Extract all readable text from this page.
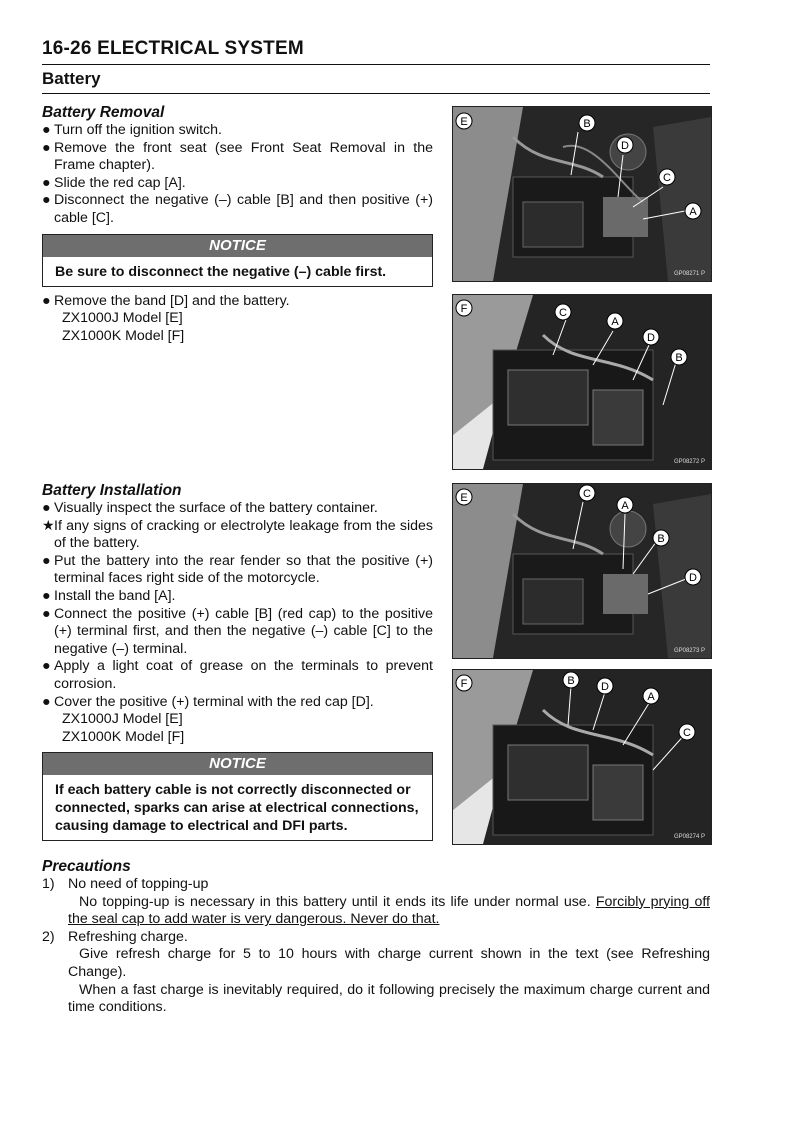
16-26 ELECTRICAL SYSTEM
Battery
Battery Removal
● Turn off the ignition switch.
● Remove the front seat (see Front Seat Removal in the Frame chapter).
● Slide the red cap [A].
● Disconnect the negative (–) cable [B] and then positive (+) cable [C].
NOTICE
Be sure to disconnect the negative (–) cable first.
● Remove the band [D] and the battery.
ZX1000J Model [E]
ZX1000K Model [F]
Battery Installation
● Visually inspect the surface of the battery container.
★ If any signs of cracking or electrolyte leakage from the sides of the battery.
● Put the battery into the rear fender so that the positive (+) terminal faces right side of the motorcycle.
● Install the band [A].
● Connect the positive (+) cable [B] (red cap) to the positive (+) terminal first, and then the negative (–) cable [C] to the negative (–) terminal.
● Apply a light coat of grease on the terminals to prevent corrosion.
● Cover the positive (+) terminal with the red cap [D].
ZX1000J Model [E]
ZX1000K Model [F]
NOTICE
If each battery cable is not correctly disconnected or connected, sparks can arise at electrical connections, causing damage to electrical and DFI parts.
E	B
D
C
A
GP08271 P
F	C
A
D
B
GP08272 P
E	C
A
B
D
GP08273 P
F	B D
A
C
GP08274 P
Precautions
1) No need of topping-up
No topping-up is necessary in this battery until it ends its life under normal use. Forcibly prying off the seal cap to add water is very dangerous. Never do that.
2) Refreshing charge.
Give refresh charge for 5 to 10 hours with charge current shown in the text (see Refreshing Change).
When a fast charge is inevitably required, do it following precisely the maximum charge current and time conditions.
